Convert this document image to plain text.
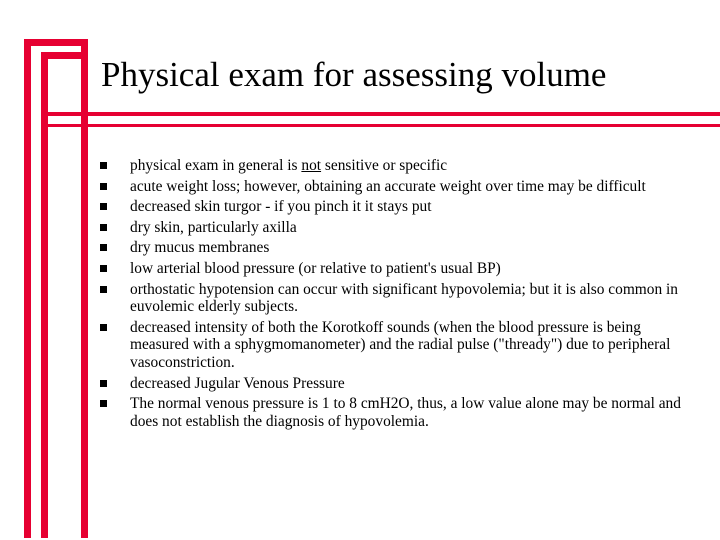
Physical exam for assessing volume
physical exam in general is not sensitive or specific
acute weight loss; however, obtaining an accurate weight over time may be difficult
decreased skin turgor - if you pinch it it stays put
dry skin, particularly axilla
dry mucus membranes
low arterial blood pressure (or relative to patient's usual BP)
orthostatic hypotension can occur with significant hypovolemia; but it is also common in euvolemic elderly subjects.
decreased intensity of both the Korotkoff sounds (when the blood pressure is being measured with a sphygmomanometer) and the radial pulse ("thready") due to peripheral vasoconstriction.
decreased Jugular Venous Pressure
The normal venous pressure is 1 to 8 cmH2O, thus, a low value alone may be normal and does not establish the diagnosis of hypovolemia.
